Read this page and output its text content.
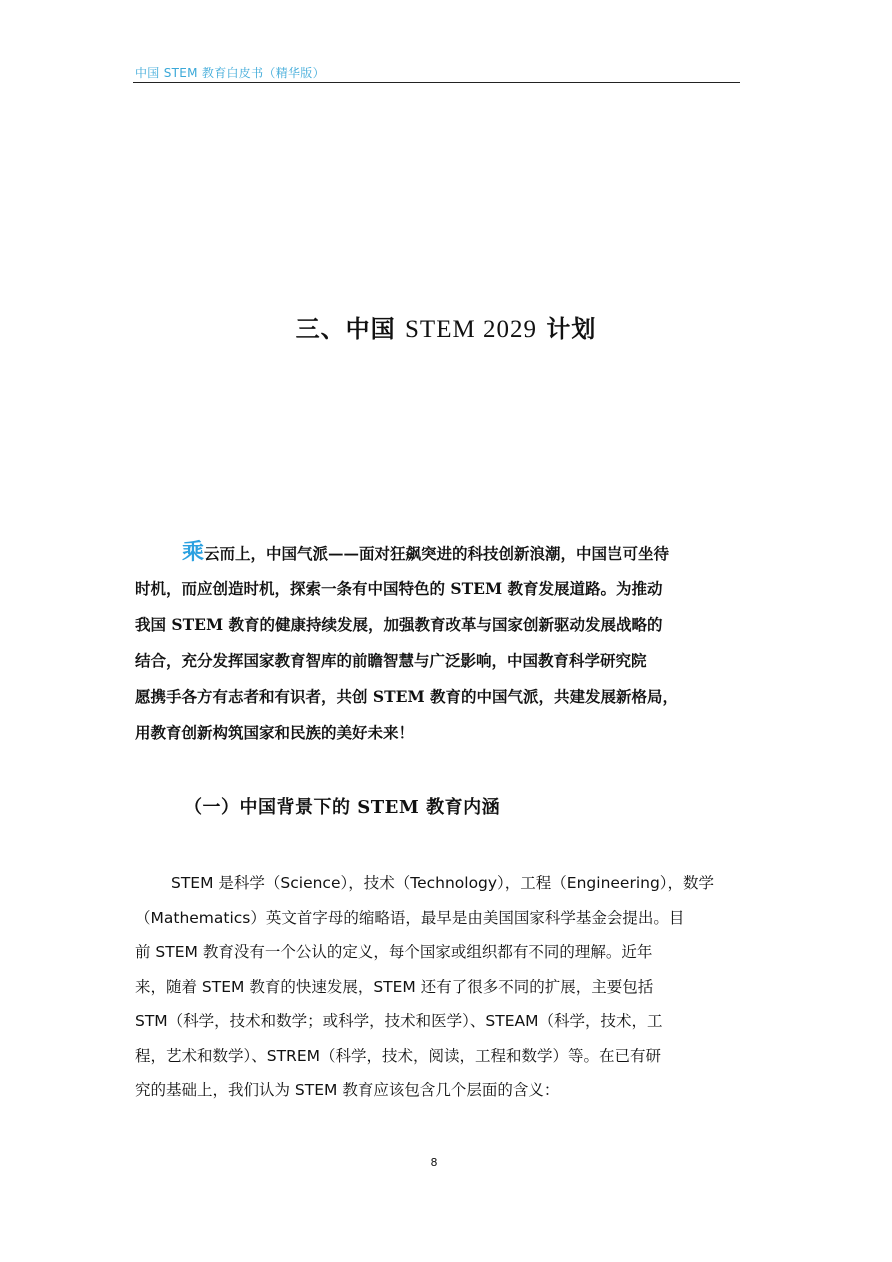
中国 STEM 教育白皮书（精华版）
三、中国 STEM 2029 计划
乘云而上，中国气派——面对狂飙突进的科技创新浪潮，中国岂可坐待
时机，而应创造时机，探索一条有中国特色的 STEM 教育发展道路。为推动
我国 STEM 教育的健康持续发展，加强教育改革与国家创新驱动发展战略的
结合，充分发挥国家教育智库的前瞻智慧与广泛影响，中国教育科学研究院
愿携手各方有志者和有识者，共创 STEM 教育的中国气派，共建发展新格局，
用教育创新构筑国家和民族的美好未来！
（一）中国背景下的 STEM 教育内涵
STEM 是科学（Science），技术（Technology），工程（Engineering），数学
（Mathematics）英文首字母的缩略语，最早是由美国国家科学基金会提出。目
前 STEM 教育没有一个公认的定义，每个国家或组织都有不同的理解。近年
来，随着 STEM 教育的快速发展，STEM 还有了很多不同的扩展，主要包括
STM（科学，技术和数学；或科学，技术和医学）、STEAM（科学，技术，工
程，艺术和数学）、STREM（科学，技术，阅读，工程和数学）等。在已有研
究的基础上，我们认为 STEM 教育应该包含几个层面的含义：
8
